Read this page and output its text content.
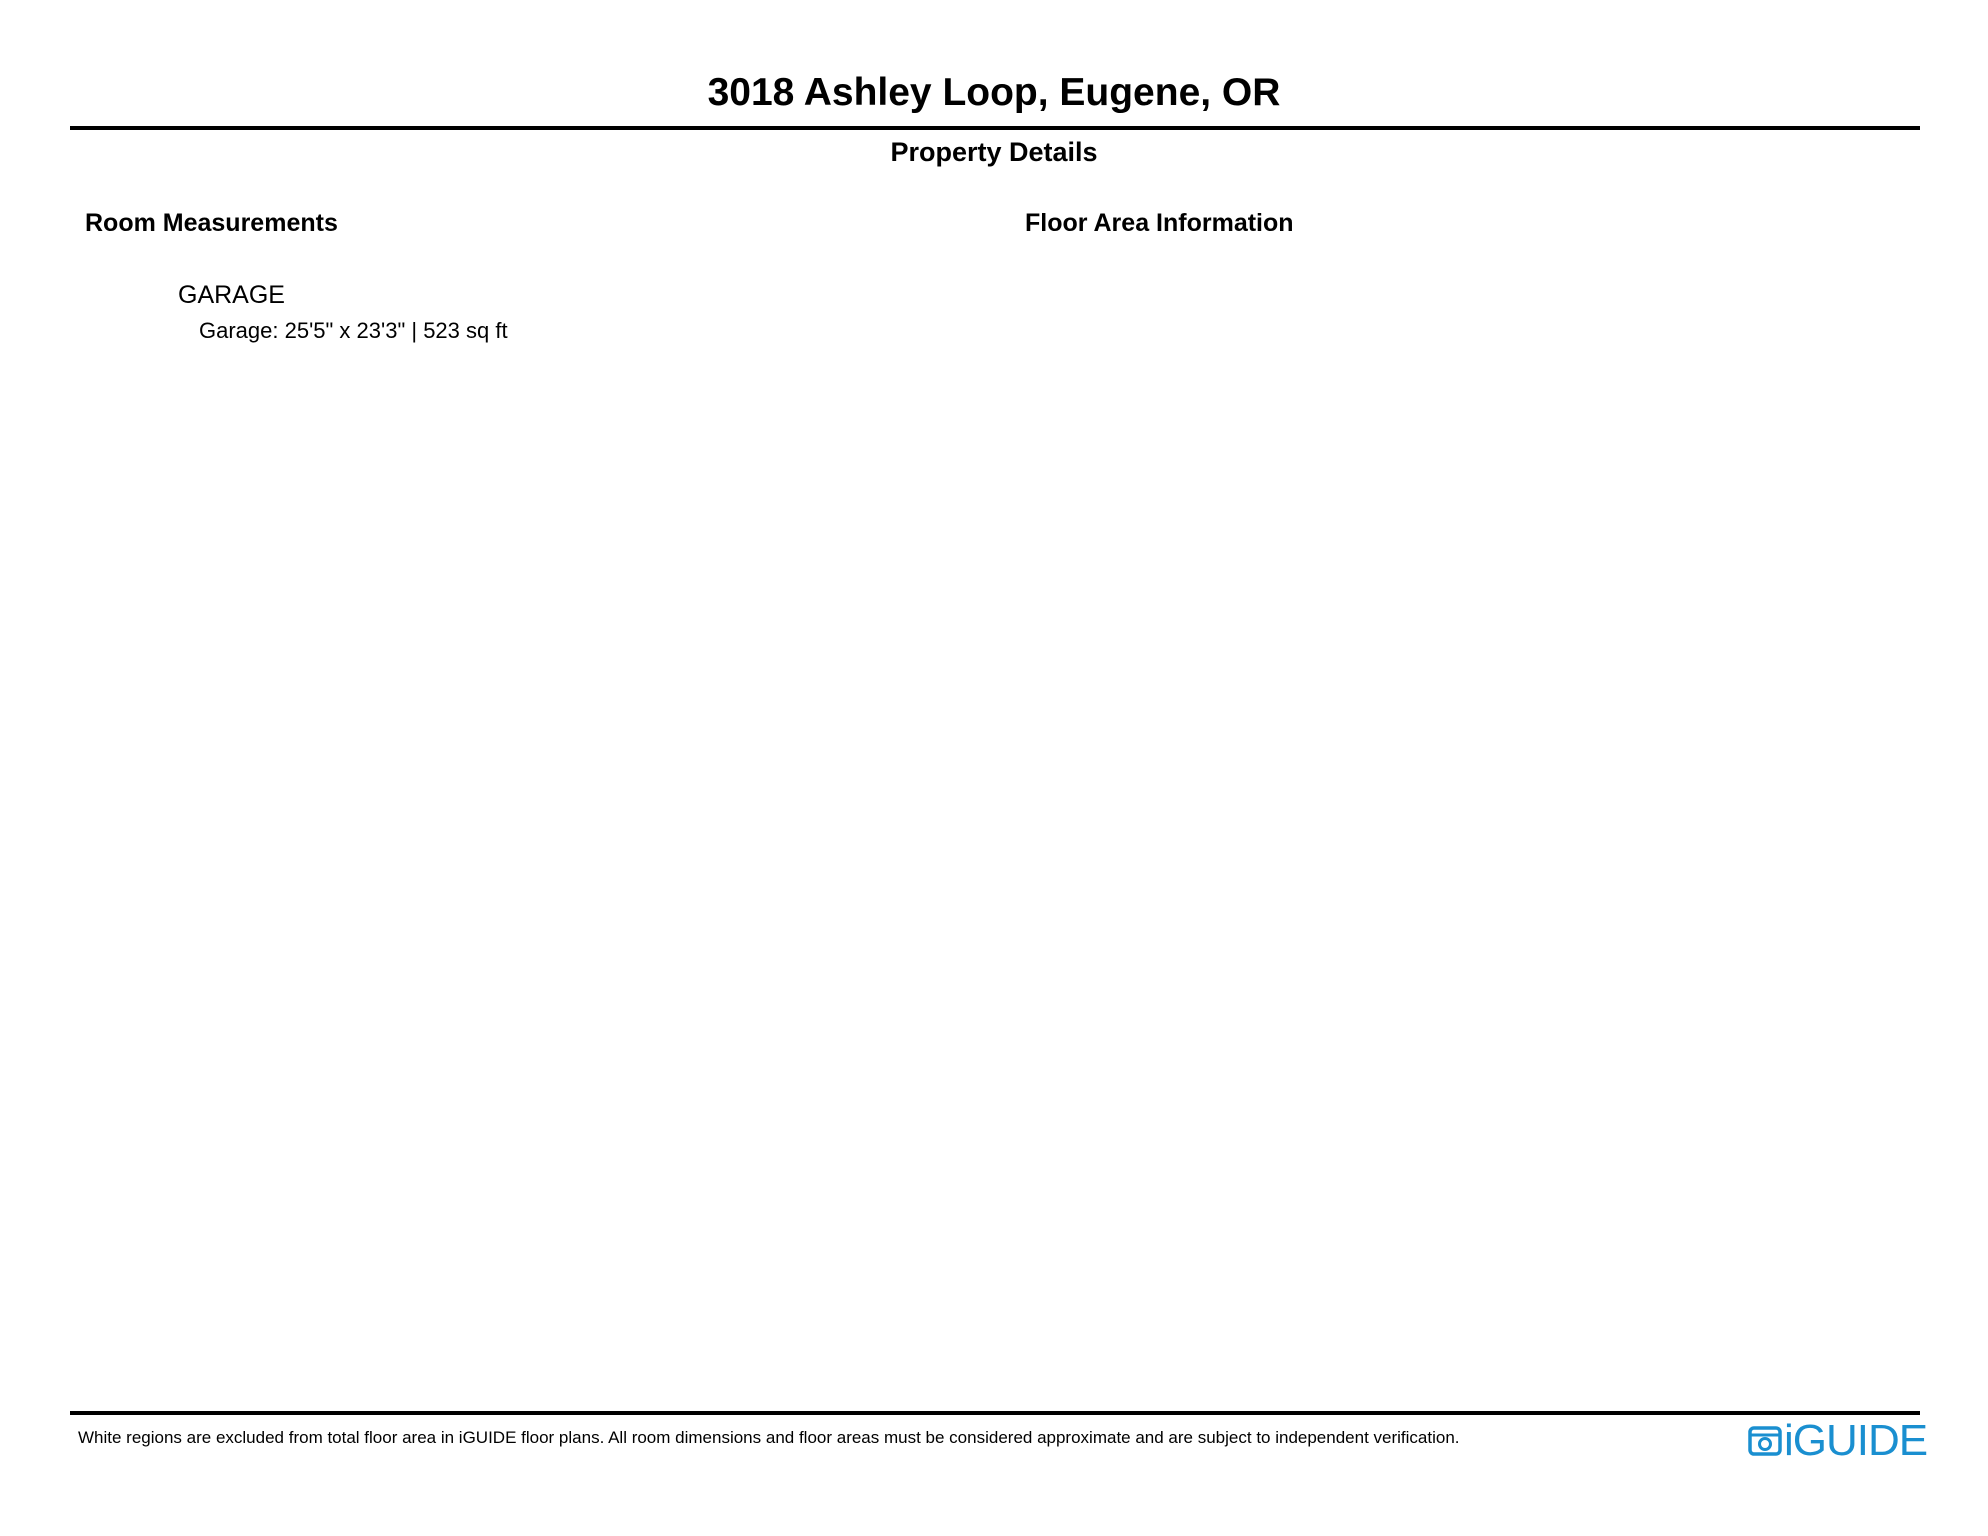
3018 Ashley Loop, Eugene, OR
Property Details
Room Measurements	Floor Area Information
GARAGE
Garage: 25'5" x 23'3" | 523 sq ft
White regions are excluded from total floor area in iGUIDE floor plans. All room dimensions and floor areas must be considered approximate and are subject to independent verification.	iGUIDE
